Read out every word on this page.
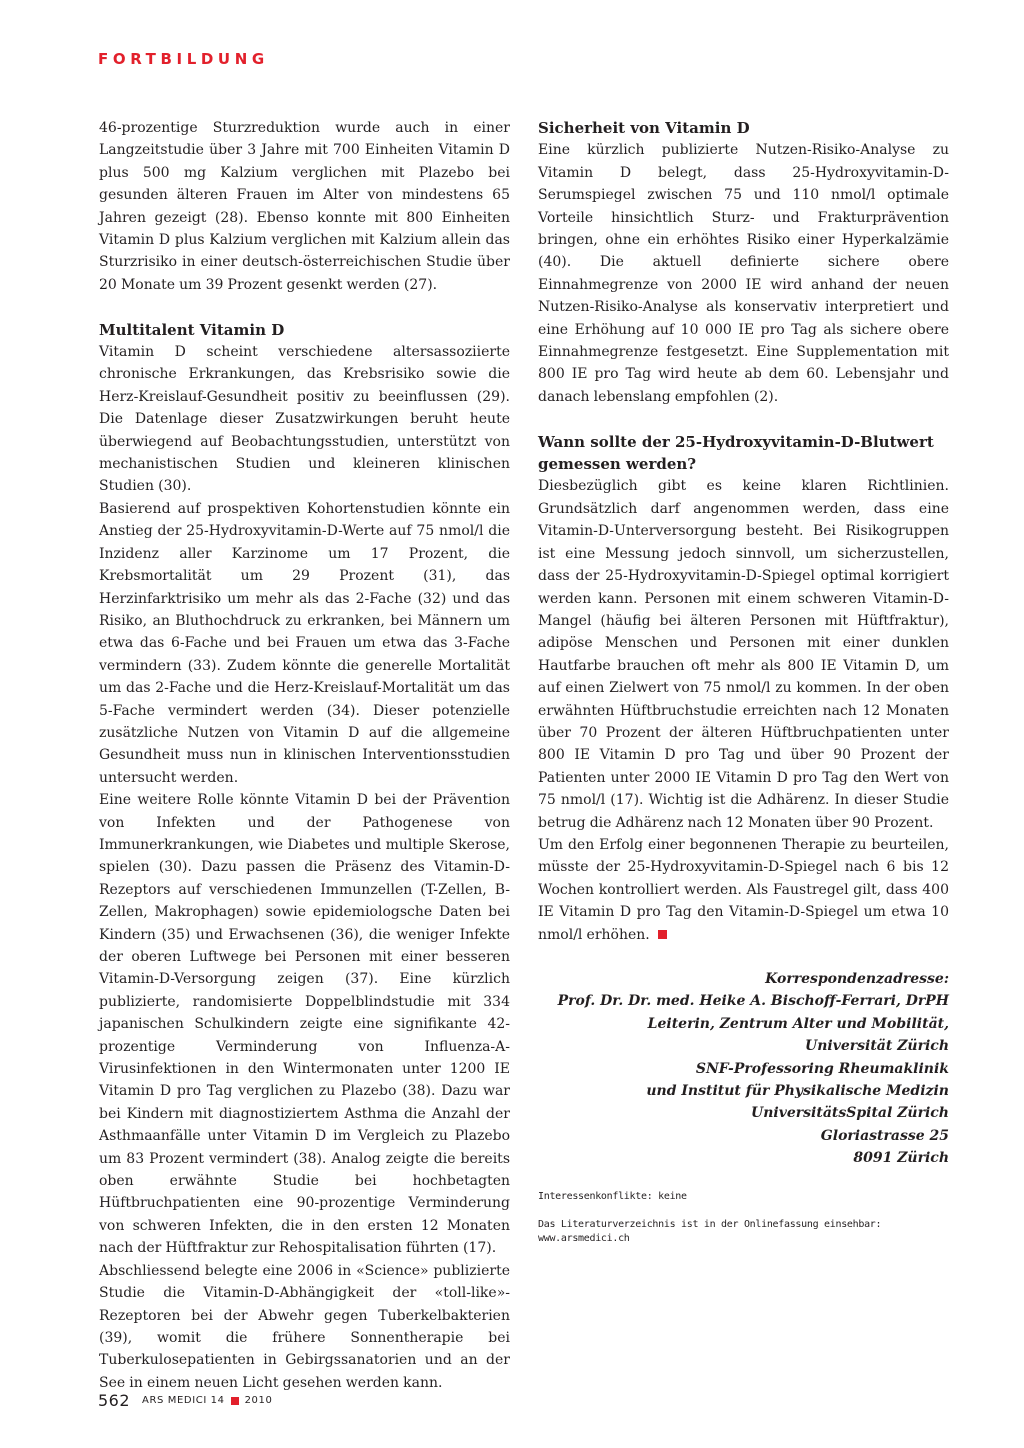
FORTBILDUNG

46-prozentige Sturzreduktion wurde auch in einer Langzeitstudie über 3 Jahre mit 700 Einheiten Vitamin D plus 500 mg Kalzium verglichen mit Plazebo bei gesunden älteren Frauen im Alter von mindestens 65 Jahren gezeigt (28). Ebenso konnte mit 800 Einheiten Vitamin D plus Kalzium verglichen mit Kalzium allein das Sturzrisiko in einer deutsch-österreichischen Studie über 20 Monate um 39 Prozent gesenkt werden (27).

Multitalent Vitamin D

Vitamin D scheint verschiedene altersassoziierte chronische Erkrankungen, das Krebsrisiko sowie die Herz-Kreislauf-Gesundheit positiv zu beeinflussen (29). Die Datenlage dieser Zusatzwirkungen beruht heute überwiegend auf Beobachtungsstudien, unterstützt von mechanistischen Studien und kleineren klinischen Studien (30).

Basierend auf prospektiven Kohortenstudien könnte ein Anstieg der 25-Hydroxyvitamin-D-Werte auf 75 nmol/l die Inzidenz aller Karzinome um 17 Prozent, die Krebsmortalität um 29 Prozent (31), das Herzinfarktrisiko um mehr als das 2-Fache (32) und das Risiko, an Bluthochdruck zu erkranken, bei Männern um etwa das 6-Fache und bei Frauen um etwa das 3-Fache vermindern (33). Zudem könnte die generelle Mortalität um das 2-Fache und die Herz-Kreislauf-Mortalität um das 5-Fache vermindert werden (34). Dieser potenzielle zusätzliche Nutzen von Vitamin D auf die allgemeine Gesundheit muss nun in klinischen Interventionsstudien untersucht werden.

Eine weitere Rolle könnte Vitamin D bei der Prävention von Infekten und der Pathogenese von Immunerkrankungen, wie Diabetes und multiple Skerose, spielen (30). Dazu passen die Präsenz des Vitamin-D-Rezeptors auf verschiedenen Immunzellen (T-Zellen, B-Zellen, Makrophagen) sowie epidemiologsche Daten bei Kindern (35) und Erwachsenen (36), die weniger Infekte der oberen Luftwege bei Personen mit einer besseren Vitamin-D-Versorgung zeigen (37). Eine kürzlich publizierte, randomisierte Doppelblindstudie mit 334 japanischen Schulkindern zeigte eine signifikante 42-prozentige Verminderung von Influenza-A-Virusinfektionen in den Wintermonaten unter 1200 IE Vitamin D pro Tag verglichen zu Plazebo (38). Dazu war bei Kindern mit diagnostiziertem Asthma die Anzahl der Asthmaanfälle unter Vitamin D im Vergleich zu Plazebo um 83 Prozent vermindert (38). Analog zeigte die bereits oben erwähnte Studie bei hochbetagten Hüftbruchpatienten eine 90-prozentige Verminderung von schweren Infekten, die in den ersten 12 Monaten nach der Hüftfraktur zur Rehospitalisation führten (17).

Abschliessend belegte eine 2006 in «Science» publizierte Studie die Vitamin-D-Abhängigkeit der «toll-like»-Rezeptoren bei der Abwehr gegen Tuberkelbakterien (39), womit die frühere Sonnentherapie bei Tuberkulosepatienten in Gebirgssanatorien und an der See in einem neuen Licht gesehen werden kann.

Sicherheit von Vitamin D

Eine kürzlich publizierte Nutzen-Risiko-Analyse zu Vitamin D belegt, dass 25-Hydroxyvitamin-D-Serumspiegel zwischen 75 und 110 nmol/l optimale Vorteile hinsichtlich Sturz- und Frakturprävention bringen, ohne ein erhöhtes Risiko einer Hyperkalzämie (40). Die aktuell definierte sichere obere Einnahmegrenze von 2000 IE wird anhand der neuen Nutzen-Risiko-Analyse als konservativ interpretiert und eine Erhöhung auf 10 000 IE pro Tag als sichere obere Einnahmegrenze festgesetzt. Eine Supplementation mit 800 IE pro Tag wird heute ab dem 60. Lebensjahr und danach lebenslang empfohlen (2).

Wann sollte der 25-Hydroxyvitamin-D-Blutwert gemessen werden?

Diesbezüglich gibt es keine klaren Richtlinien. Grundsätzlich darf angenommen werden, dass eine Vitamin-D-Unterversorgung besteht. Bei Risikogruppen ist eine Messung jedoch sinnvoll, um sicherzustellen, dass der 25-Hydroxyvitamin-D-Spiegel optimal korrigiert werden kann. Personen mit einem schweren Vitamin-D-Mangel (häufig bei älteren Personen mit Hüftfraktur), adipöse Menschen und Personen mit einer dunklen Hautfarbe brauchen oft mehr als 800 IE Vitamin D, um auf einen Zielwert von 75 nmol/l zu kommen. In der oben erwähnten Hüftbruchstudie erreichten nach 12 Monaten über 70 Prozent der älteren Hüftbruchpatienten unter 800 IE Vitamin D pro Tag und über 90 Prozent der Patienten unter 2000 IE Vitamin D pro Tag den Wert von 75 nmol/l (17). Wichtig ist die Adhärenz. In dieser Studie betrug die Adhärenz nach 12 Monaten über 90 Prozent.

Um den Erfolg einer begonnenen Therapie zu beurteilen, müsste der 25-Hydroxyvitamin-D-Spiegel nach 6 bis 12 Wochen kontrolliert werden. Als Faustregel gilt, dass 400 IE Vitamin D pro Tag den Vitamin-D-Spiegel um etwa 10 nmol/l erhöhen.

Korrespondenzadresse:
Prof. Dr. Dr. med. Heike A. Bischoff-Ferrari, DrPH
Leiterin, Zentrum Alter und Mobilität,
Universität Zürich
SNF-Professoring Rheumaklinik
und Institut für Physikalische Medizin
UniversitätsSpital Zürich
Gloriastrasse 25
8091 Zürich
Interessenkonflikte: keine
Das Literaturverzeichnis ist in der Onlinefassung einsehbar: www.arsmedici.ch
562 ARS MEDICI 14 2010
